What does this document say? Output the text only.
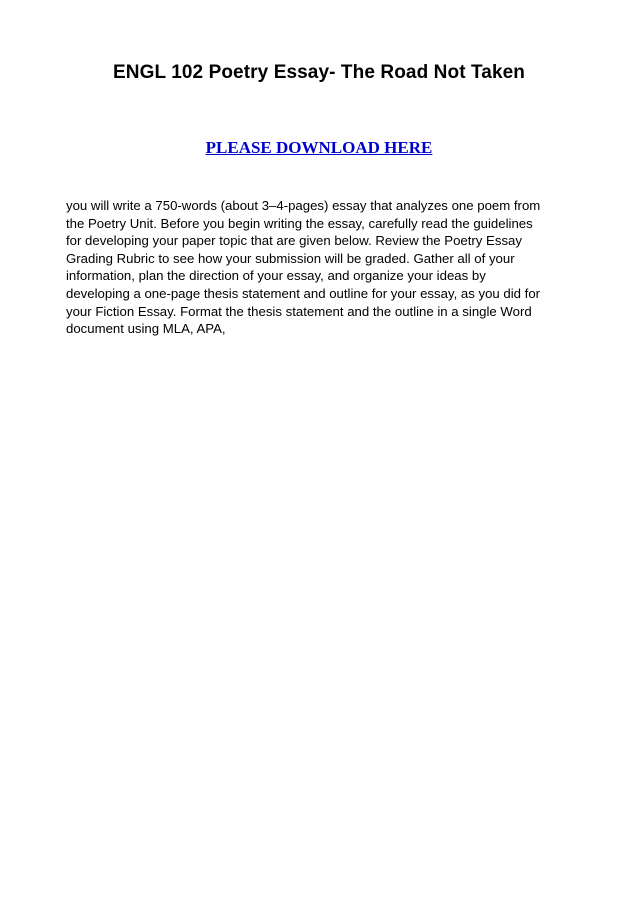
ENGL 102 Poetry Essay- The Road Not Taken
PLEASE DOWNLOAD HERE
you will write a 750-words (about 3–4-pages) essay that analyzes one poem from
the Poetry Unit. Before you begin writing the essay, carefully read the guidelines
for developing your paper topic that are given below. Review the Poetry Essay
Grading Rubric to see how your submission will be graded. Gather all of your
information, plan the direction of your essay, and organize your ideas by
developing a one-page thesis statement and outline for your essay, as you did for
your Fiction Essay. Format the thesis statement and the outline in a single Word
document using MLA, APA,
